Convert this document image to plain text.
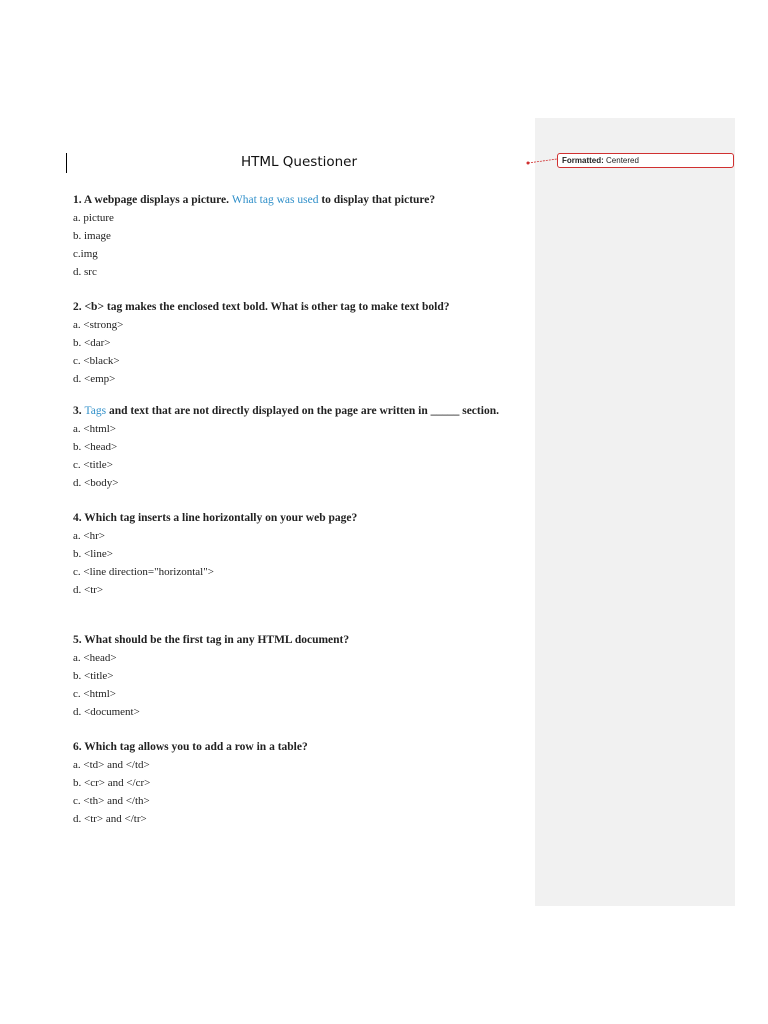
Formatted: Centered
HTML Questioner
1. A webpage displays a picture. What tag was used to display that picture?
a. picture
b. image
c.img
d. src
2. <b> tag makes the enclosed text bold. What is other tag to make text bold?
a. <strong>
b. <dar>
c. <black>
d. <emp>
3. Tags and text that are not directly displayed on the page are written in _____ section.
a. <html>
b. <head>
c. <title>
d. <body>
4. Which tag inserts a line horizontally on your web page?
a. <hr>
b. <line>
c. <line direction="horizontal">
d. <tr>
5. What should be the first tag in any HTML document?
a. <head>
b. <title>
c. <html>
d. <document>
6. Which tag allows you to add a row in a table?
a. <td> and </td>
b. <cr> and </cr>
c. <th> and </th>
d. <tr> and </tr>
